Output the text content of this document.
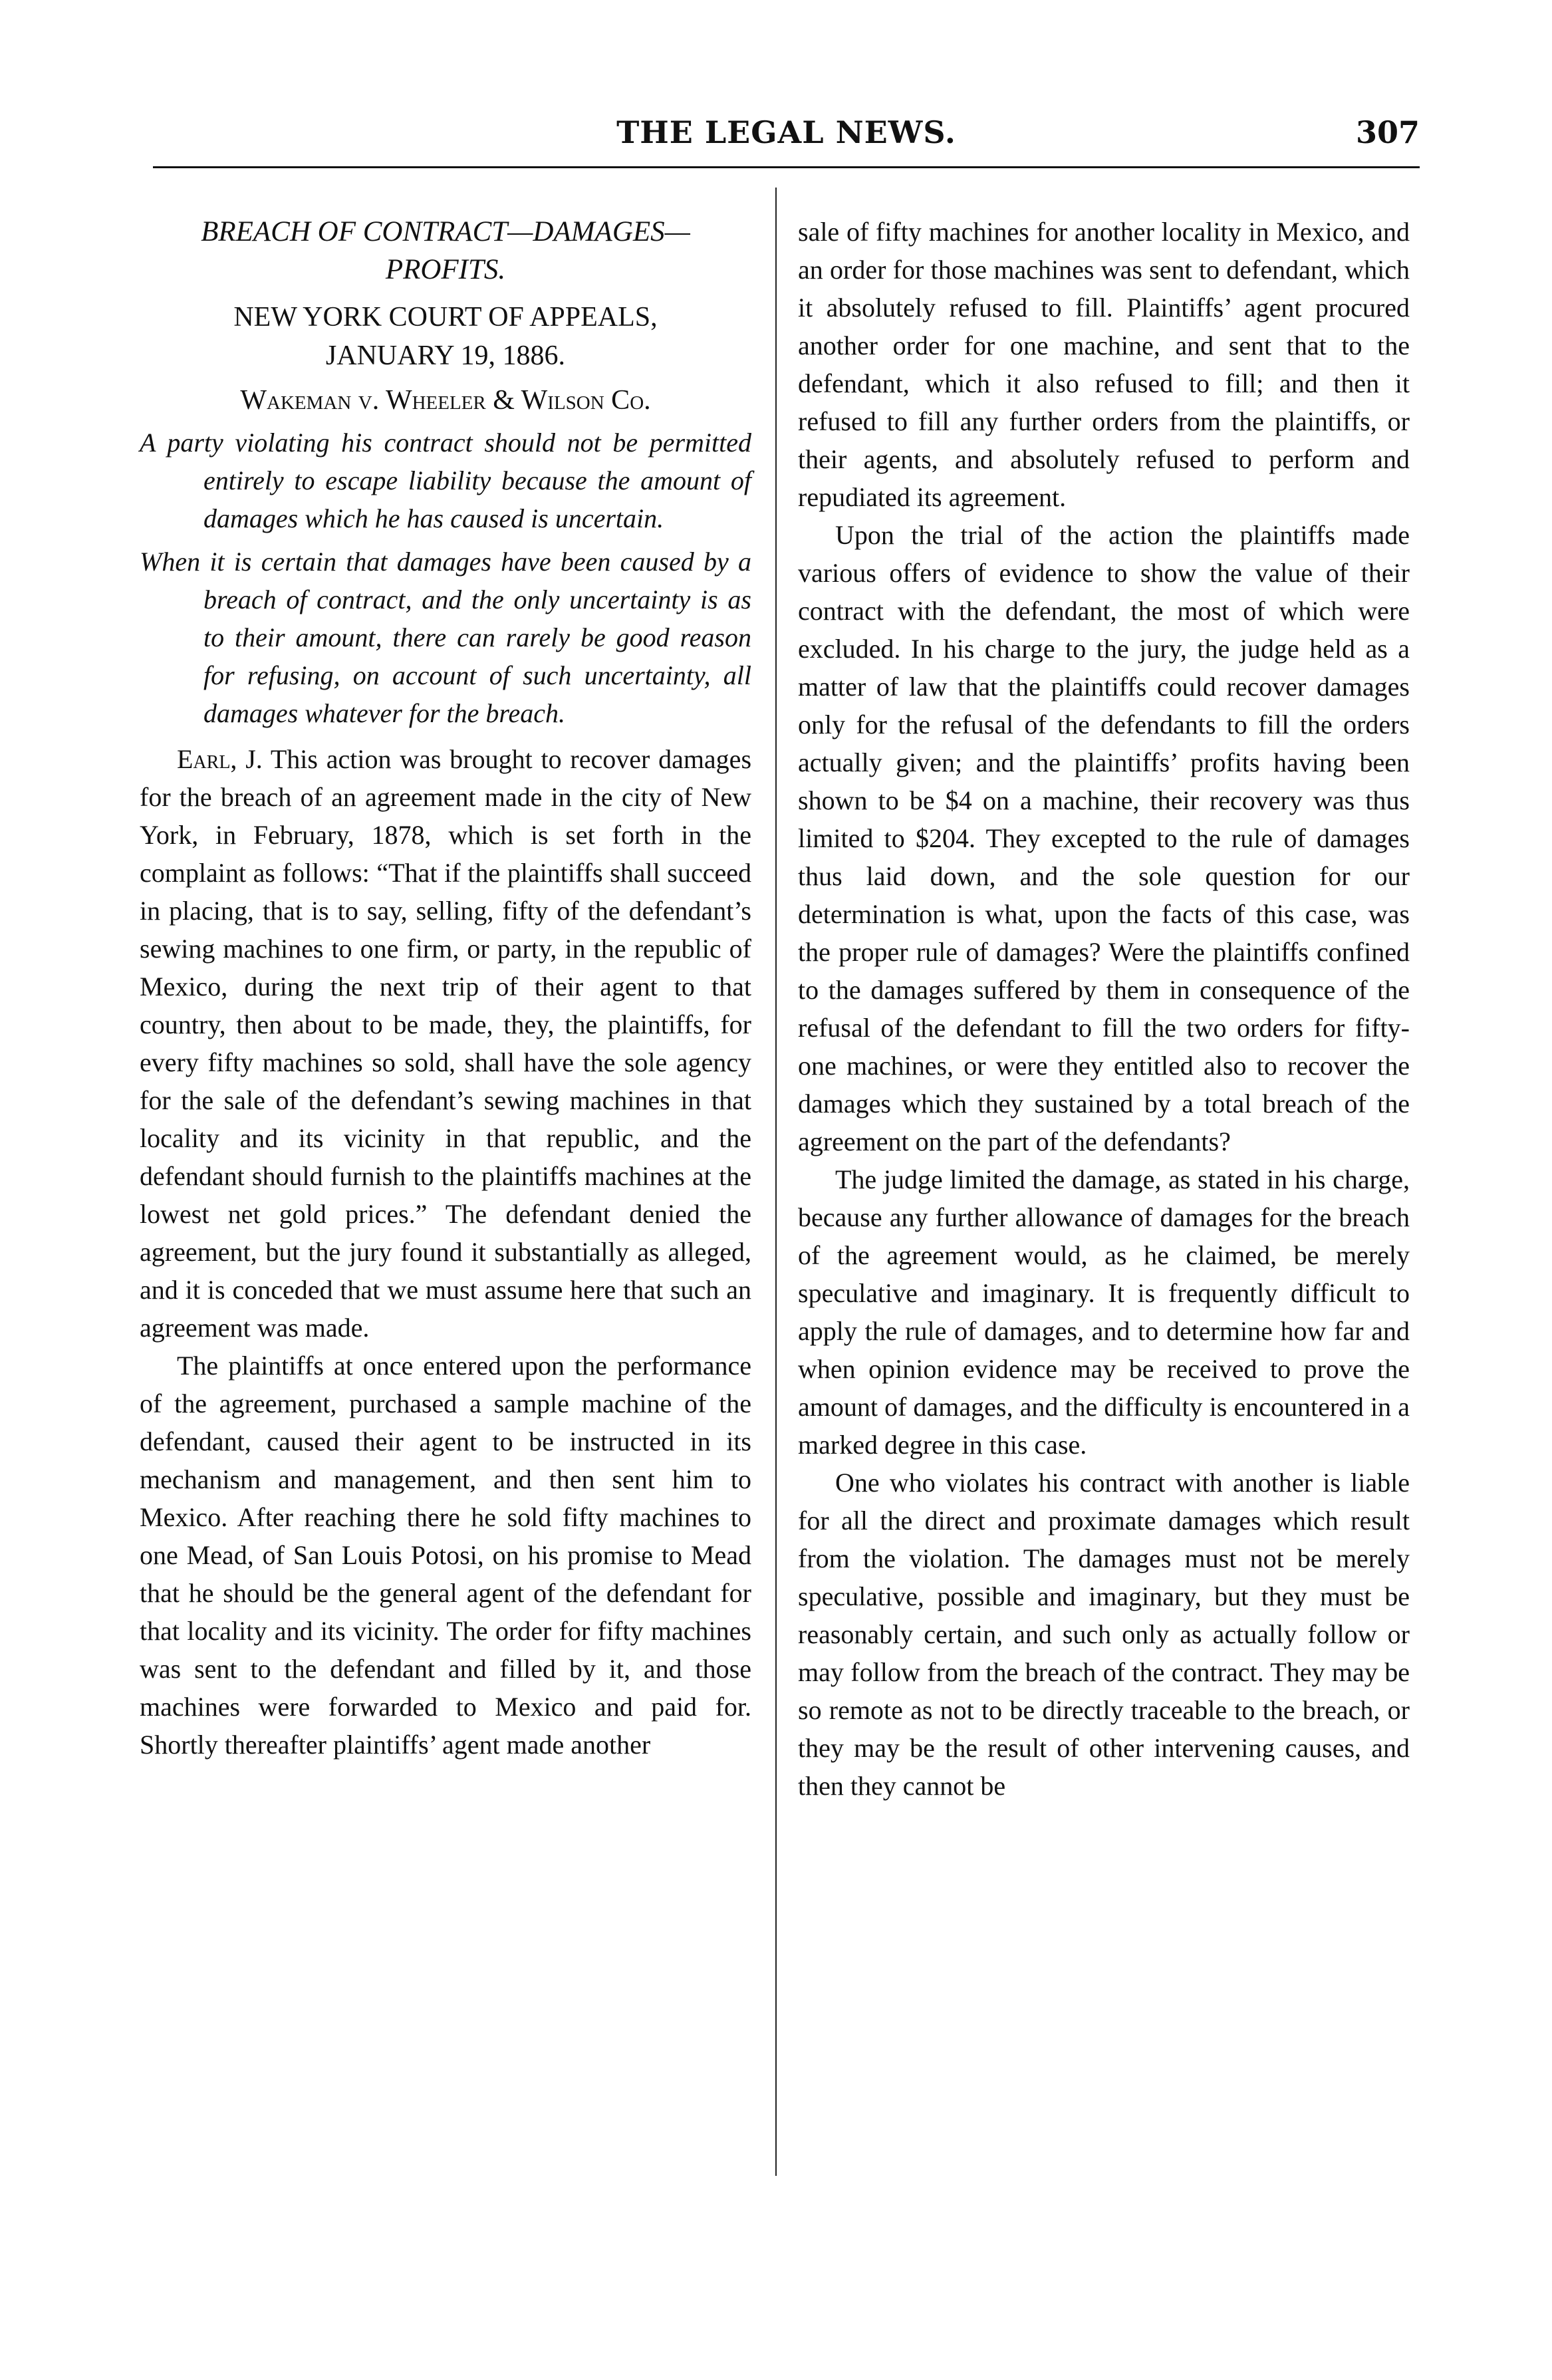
THE LEGAL NEWS.	307

BREACH OF CONTRACT—DAMAGES—

PROFITS.

NEW YORK COURT OF APPEALS,
JANUARY 19, 1886.
Wakeman v. Wheeler & Wilson Co.

A party violating his contract should not be permitted entirely to escape liability because the amount of damages which he has caused is uncertain.

When it is certain that damages have been caused by a breach of contract, and the only uncertainty is as to their amount, there can rarely be good reason for refusing, on account of such uncertainty, all damages whatever for the breach.

Earl, J. This action was brought to recover damages for the breach of an agreement made in the city of New York, in February, 1878, which is set forth in the complaint as follows: “That if the plaintiffs shall succeed in placing, that is to say, selling, fifty of the defendant’s sewing machines to one firm, or party, in the republic of Mexico, during the next trip of their agent to that country, then about to be made, they, the plaintiffs, for every fifty machines so sold, shall have the sole agency for the sale of the defendant’s sewing machines in that locality and its vicinity in that republic, and the defendant should furnish to the plaintiffs machines at the lowest net gold prices.” The defendant denied the agreement, but the jury found it substantially as alleged, and it is conceded that we must assume here that such an agreement was made.

The plaintiffs at once entered upon the performance of the agreement, purchased a sample machine of the defendant, caused their agent to be instructed in its mechanism and management, and then sent him to Mexico. After reaching there he sold fifty machines to one Mead, of San Louis Potosi, on his promise to Mead that he should be the general agent of the defendant for that locality and its vicinity. The order for fifty machines was sent to the defendant and filled by it, and those machines were forwarded to Mexico and paid for. Shortly thereafter plaintiffs’ agent made another

sale of fifty machines for another locality in Mexico, and an order for those machines was sent to defendant, which it absolutely refused to fill. Plaintiffs’ agent procured another order for one machine, and sent that to the defendant, which it also refused to fill; and then it refused to fill any further orders from the plaintiffs, or their agents, and absolutely refused to perform and repudiated its agreement.

Upon the trial of the action the plaintiffs made various offers of evidence to show the value of their contract with the defendant, the most of which were excluded. In his charge to the jury, the judge held as a matter of law that the plaintiffs could recover damages only for the refusal of the defendants to fill the orders actually given; and the plaintiffs’ profits having been shown to be $4 on a machine, their recovery was thus limited to $204. They excepted to the rule of damages thus laid down, and the sole question for our determination is what, upon the facts of this case, was the proper rule of damages? Were the plaintiffs confined to the damages suffered by them in consequence of the refusal of the defendant to fill the two orders for fifty-one machines, or were they entitled also to recover the damages which they sustained by a total breach of the agreement on the part of the defendants?

The judge limited the damage, as stated in his charge, because any further allowance of damages for the breach of the agreement would, as he claimed, be merely speculative and imaginary. It is frequently difficult to apply the rule of damages, and to determine how far and when opinion evidence may be received to prove the amount of damages, and the difficulty is encountered in a marked degree in this case.

One who violates his contract with another is liable for all the direct and proximate damages which result from the violation. The damages must not be merely speculative, possible and imaginary, but they must be reasonably certain, and such only as actually follow or may follow from the breach of the contract. They may be so remote as not to be directly traceable to the breach, or they may be the result of other intervening causes, and then they cannot be
